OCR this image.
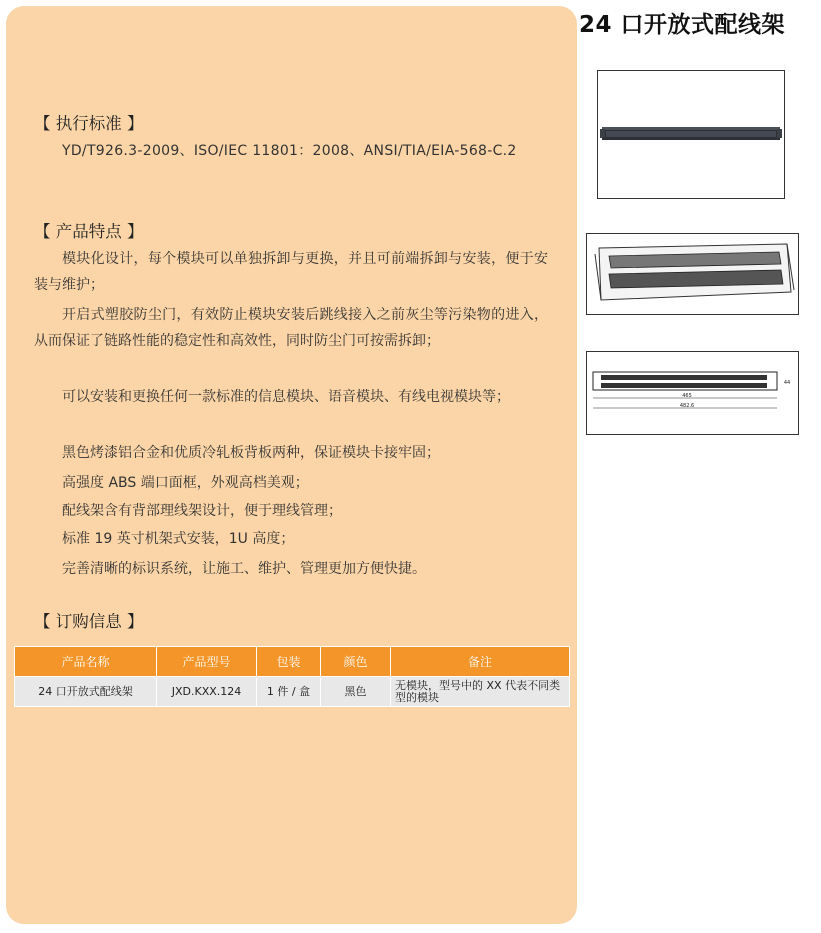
24 口开放式配线架
【 执行标准 】
YD/T926.3-2009、ISO/IEC 11801：2008、ANSI/TIA/EIA-568-C.2
【 产品特点 】
模块化设计，每个模块可以单独拆卸与更换，并且可前端拆卸与安装，便于安装与维护；
开启式塑胶防尘门，有效防止模块安装后跳线接入之前灰尘等污染物的进入，从而保证了链路性能的稳定性和高效性，同时防尘门可按需拆卸；
可以安装和更换任何一款标准的信息模块、语音模块、有线电视模块等；
黑色烤漆铝合金和优质冷轧板背板两种，保证模块卡接牢固；
高强度 ABS 端口面框，外观高档美观；
配线架含有背部理线架设计，便于理线管理；
标准 19 英寸机架式安装，1U 高度；
完善清晰的标识系统，让施工、维护、管理更加方便快捷。
【 订购信息 】
产品名称	产品型号	包装	颜色	备注
24 口开放式配线架	JXD.KXX.124	1 件 / 盒	黑色	无模块，型号中的 XX 代表不同类型的模块
465
482.6
44
